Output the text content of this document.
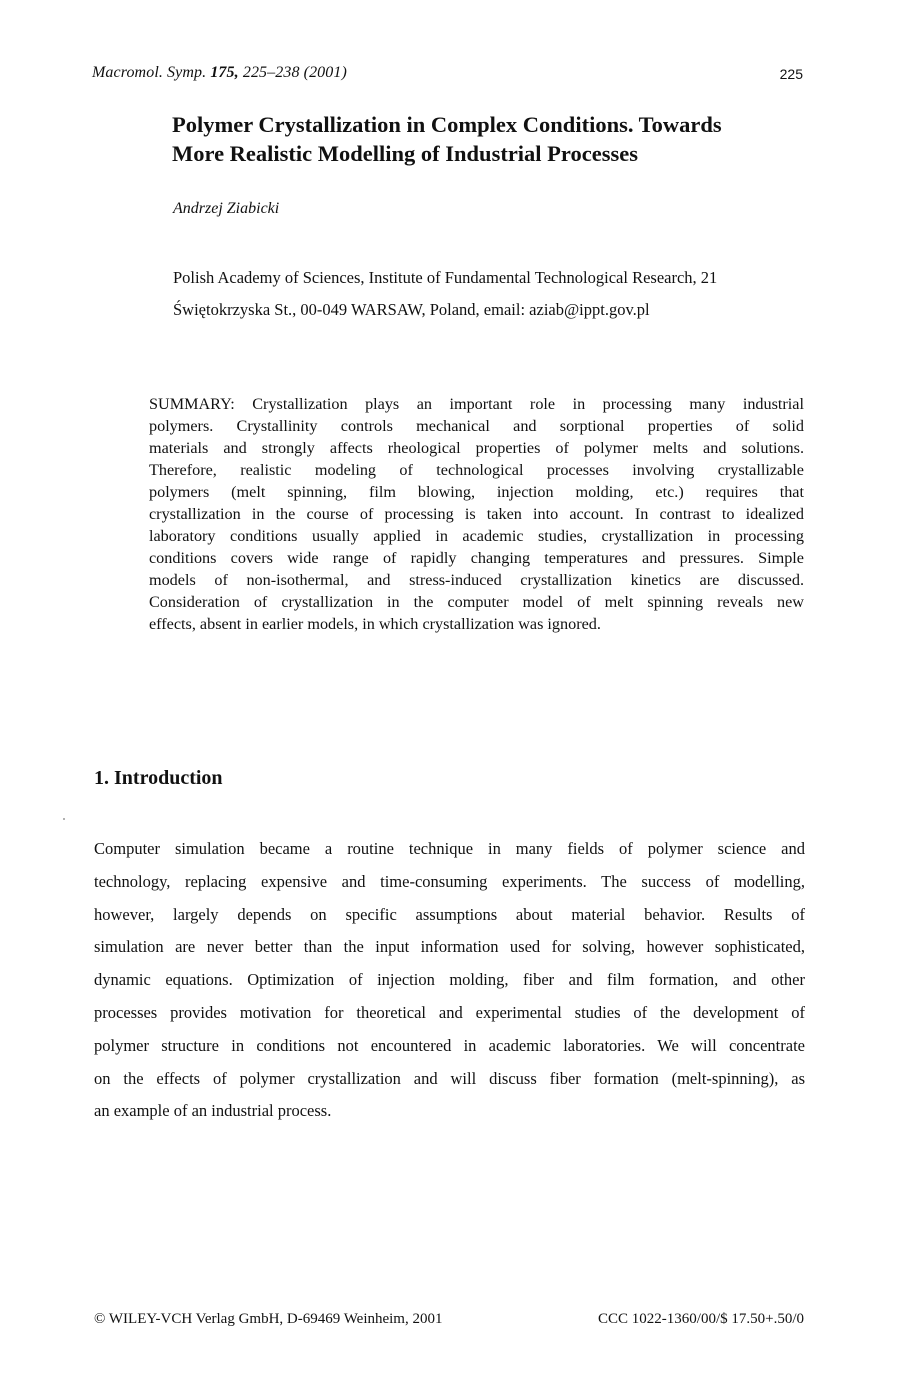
Macromol. Symp. 175, 225–238 (2001)	225
Polymer Crystallization in Complex Conditions. Towards
More Realistic Modelling of Industrial Processes
Andrzej Ziabicki
Polish Academy of Sciences, Institute of Fundamental Technological Research, 21
Świętokrzyska St., 00-049 WARSAW, Poland, email: aziab@ippt.gov.pl
SUMMARY: Crystallization plays an important role in processing many industrial
polymers. Crystallinity controls mechanical and sorptional properties of solid
materials and strongly affects rheological properties of polymer melts and solutions.
Therefore, realistic modeling of technological processes involving crystallizable
polymers (melt spinning, film blowing, injection molding, etc.) requires that
crystallization in the course of processing is taken into account. In contrast to idealized
laboratory conditions usually applied in academic studies, crystallization in processing
conditions covers wide range of rapidly changing temperatures and pressures. Simple
models of non-isothermal, and stress-induced crystallization kinetics are discussed.
Consideration of crystallization in the computer model of melt spinning reveals new
effects, absent in earlier models, in which crystallization was ignored.
1. Introduction
Computer simulation became a routine technique in many fields of polymer science and
technology, replacing expensive and time-consuming experiments. The success of modelling,
however, largely depends on specific assumptions about material behavior. Results of
simulation are never better than the input information used for solving, however sophisticated,
dynamic equations. Optimization of injection molding, fiber and film formation, and other
processes provides motivation for theoretical and experimental studies of the development of
polymer structure in conditions not encountered in academic laboratories. We will concentrate
on the effects of polymer crystallization and will discuss fiber formation (melt-spinning), as
an example of an industrial process.
© WILEY-VCH Verlag GmbH, D-69469 Weinheim, 2001	CCC 1022-1360/00/$ 17.50+.50/0
